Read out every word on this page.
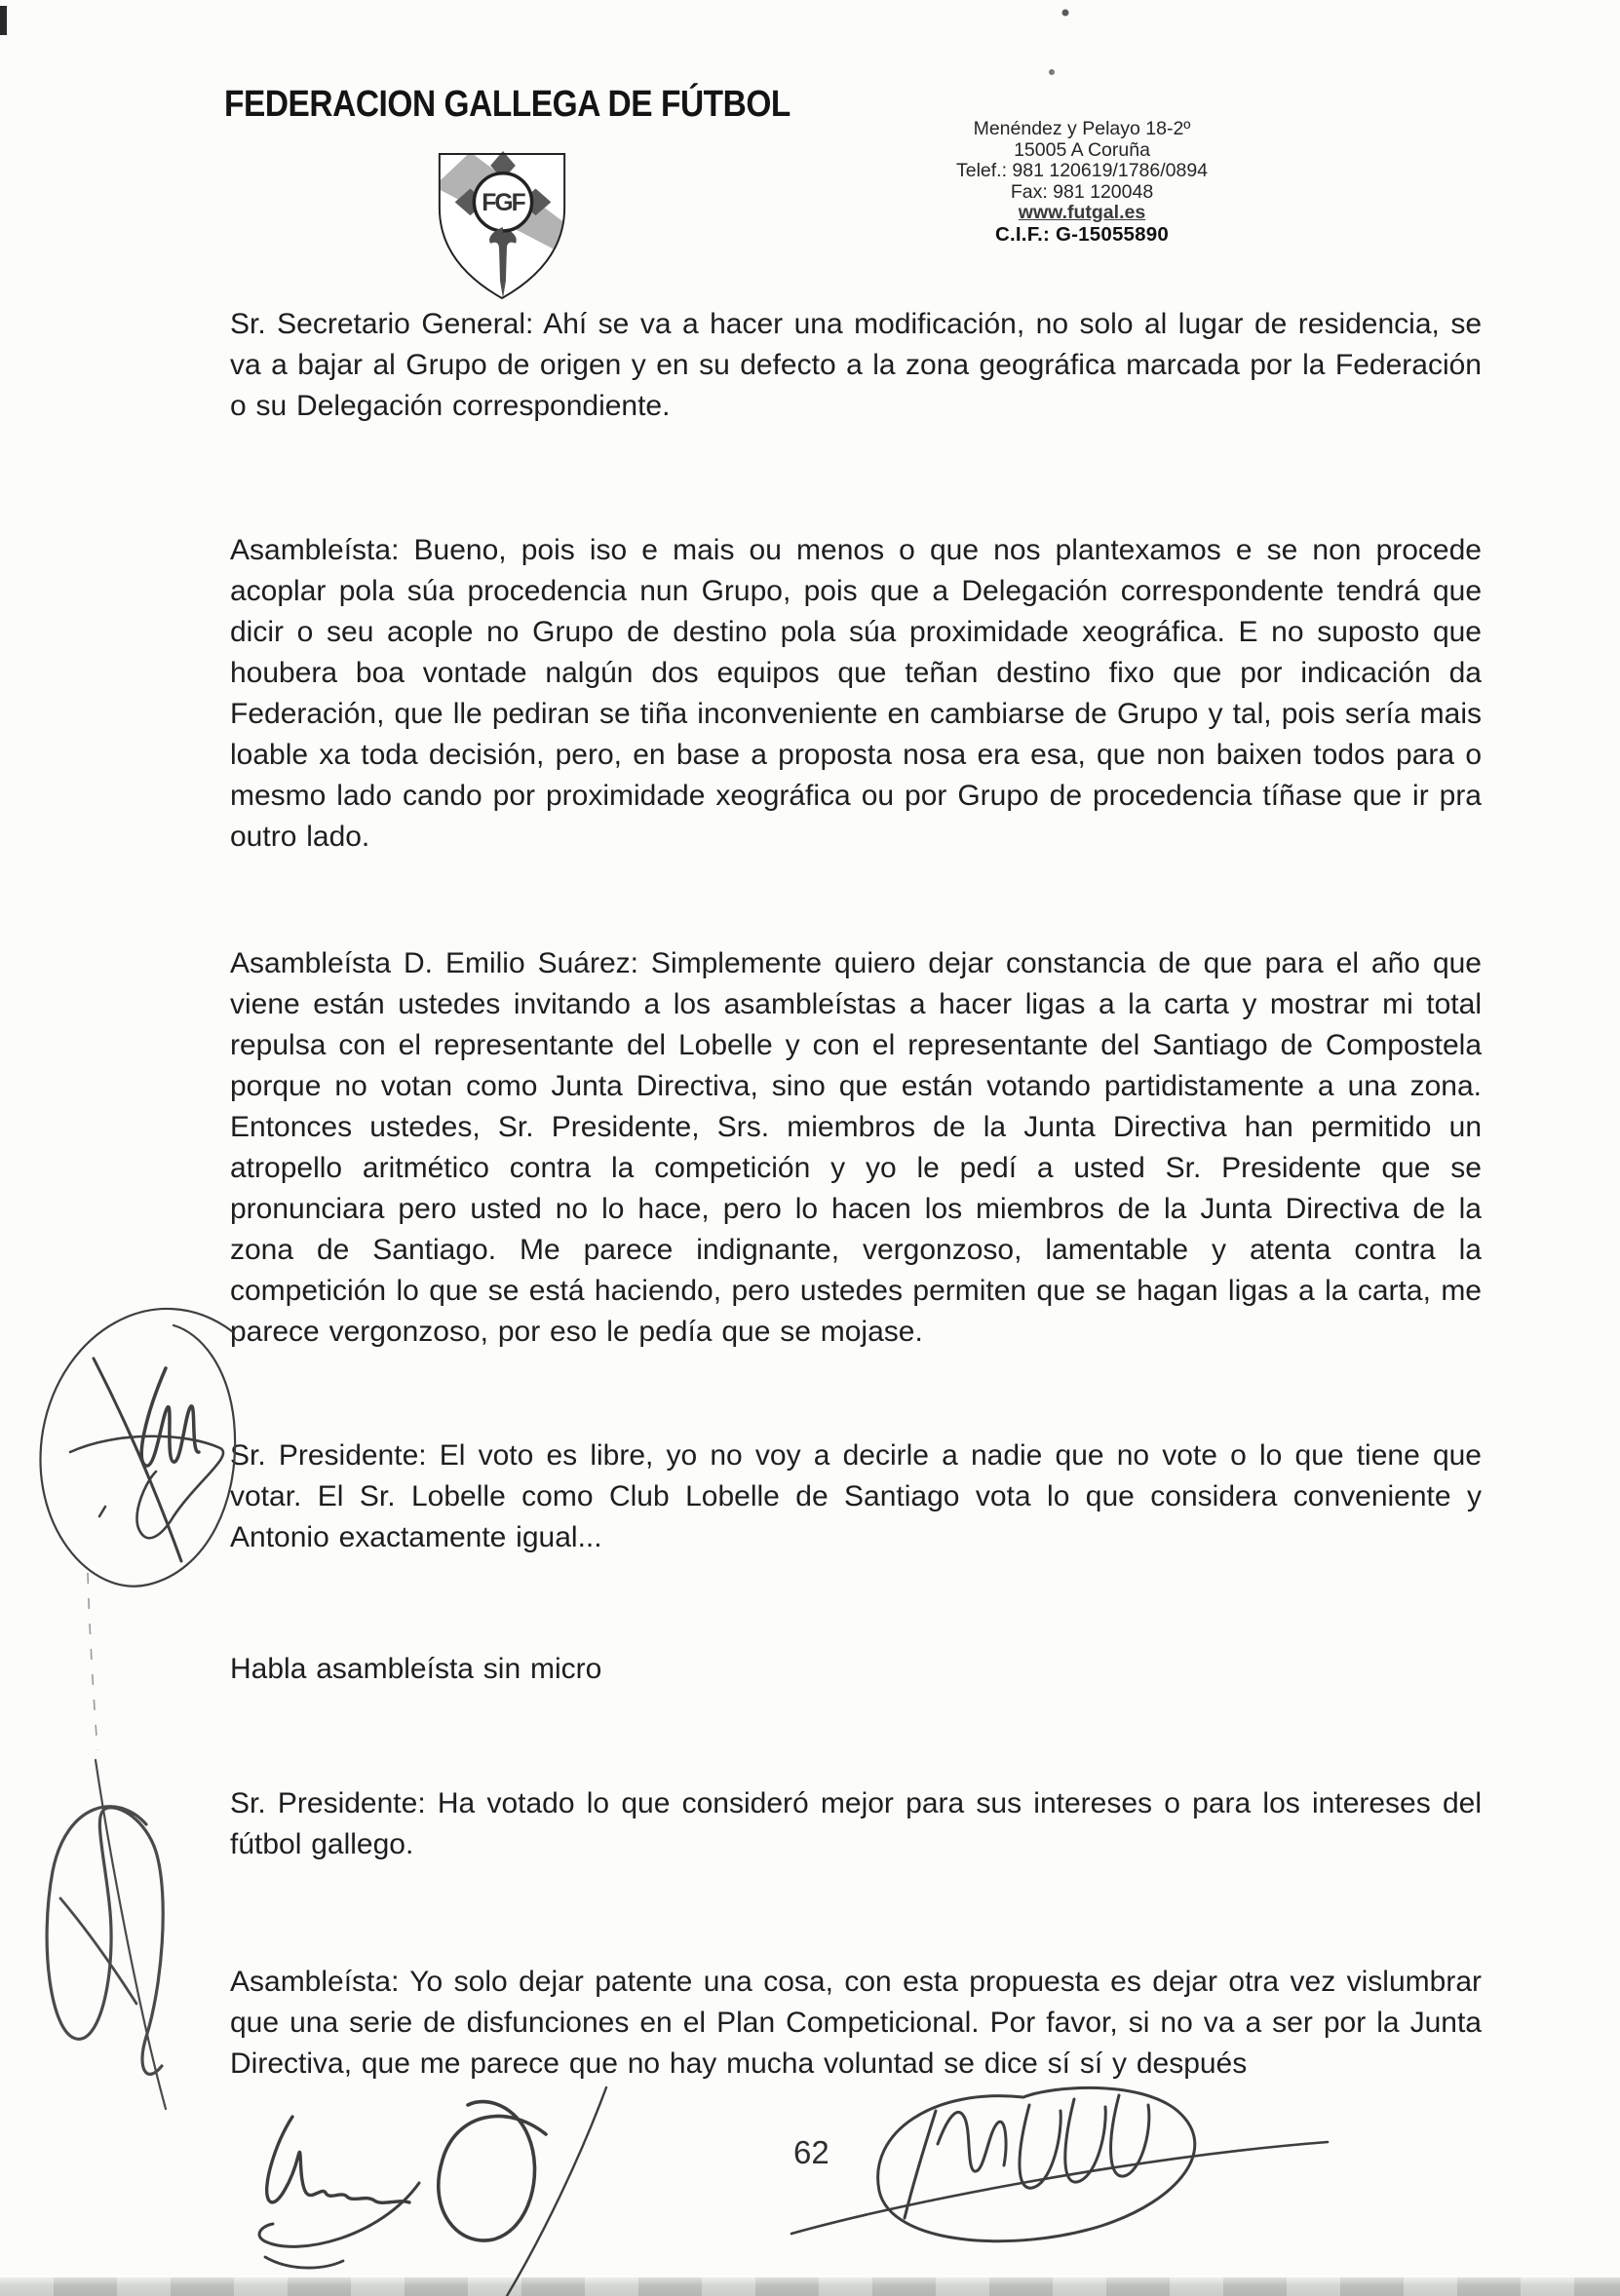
FEDERACION GALLEGA DE FÚTBOL
FGF
Menéndez y Pelayo 18-2º
15005 A Coruña
Telef.: 981 120619/1786/0894
Fax: 981 120048
www.futgal.es
C.I.F.: G-15055890

Sr. Secretario General: Ahí se va a hacer una modificación, no solo al lugar de residencia, se va a bajar al Grupo de origen y en su defecto a la zona geográfica marcada por la Federación o su Delegación correspondiente.

Asambleísta: Bueno, pois iso e mais ou menos o que nos plantexamos e se non procede acoplar pola súa procedencia nun Grupo, pois que a Delegación correspondente tendrá que dicir o seu acople no Grupo de destino pola súa proximidade xeográfica. E no suposto que houbera boa vontade nalgún dos equipos que teñan destino fixo que por indicación da Federación, que lle pediran se tiña inconveniente en cambiarse de Grupo y tal, pois sería mais loable xa toda decisión, pero, en base a proposta nosa era esa, que non baixen todos para o mesmo lado cando por proximidade xeográfica ou por Grupo de procedencia tíñase que ir pra outro lado.

Asambleísta D. Emilio Suárez: Simplemente quiero dejar constancia de que para el año que viene están ustedes invitando a los asambleístas a hacer ligas a la carta y mostrar mi total repulsa con el representante del Lobelle y con el representante del Santiago de Compostela porque no votan como Junta Directiva, sino que están votando partidistamente a una zona. Entonces ustedes, Sr. Presidente, Srs. miembros de la Junta Directiva han permitido un atropello aritmético contra la competición y yo le pedí a usted Sr. Presidente que se pronunciara pero usted no lo hace, pero lo hacen los miembros de la Junta Directiva de la zona de Santiago. Me parece indignante, vergonzoso, lamentable y atenta contra la competición lo que se está haciendo, pero ustedes permiten que se hagan ligas a la carta, me parece vergonzoso, por eso le pedía que se mojase.

Sr. Presidente: El voto es libre, yo no voy a decirle a nadie que no vote o lo que tiene que votar. El Sr. Lobelle como Club Lobelle de Santiago vota lo que considera conveniente y Antonio exactamente igual...

Habla asambleísta sin micro

Sr. Presidente: Ha votado lo que consideró mejor para sus intereses o para los intereses del fútbol gallego.

Asambleísta: Yo solo dejar patente una cosa, con esta propuesta es dejar otra vez vislumbrar que una serie de disfunciones en el Plan Competicional. Por favor, si no va a ser por la Junta Directiva, que me parece que no hay mucha voluntad se dice sí sí y después

62
